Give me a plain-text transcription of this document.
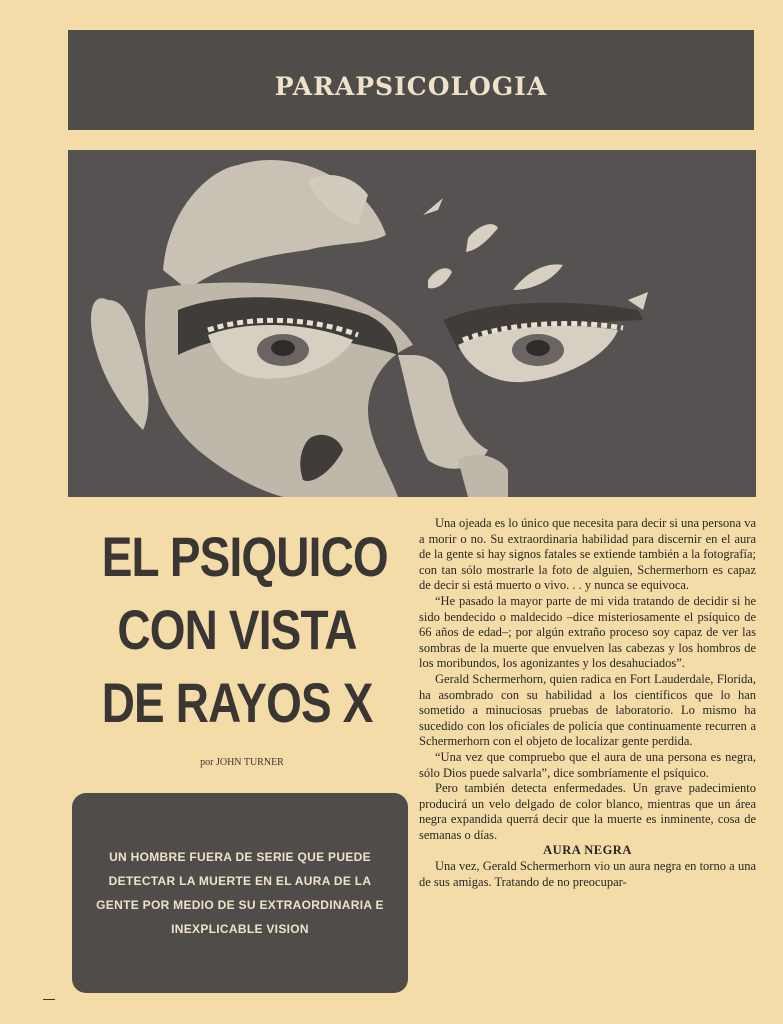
PARAPSICOLOGIA
EL PSIQUICO
CON VISTA
DE RAYOS X
por JOHN TURNER

UN HOMBRE FUERA DE SERIE QUE PUEDE DETECTAR LA MUERTE EN EL AURA DE LA GENTE POR MEDIO DE SU EXTRAORDINARIA E INEXPLICABLE VISION

Una ojeada es lo único que necesita para decir si una persona va a morir o no. Su extraordinaria habilidad para discernir en el aura de la gente si hay signos fatales se extiende también a la fotografía; con tan sólo mostrarle la foto de alguien, Schermerhorn es capaz de decir si está muerto o vivo. . . y nunca se equivoca.

“He pasado la mayor parte de mi vida tratando de decidir si he sido bendecido o maldecido –dice misteriosamente el psíquico de 66 años de edad–; por algún extraño proceso soy capaz de ver las sombras de la muerte que envuelven las cabezas y los hombros de los moribundos, los agonizantes y los desahuciados”.

Gerald Schermerhorn, quien radica en Fort Lauderdale, Florida, ha asombrado con su habilidad a los científicos que lo han sometido a minuciosas pruebas de laboratorio. Lo mismo ha sucedido con los oficiales de policía que continuamente recurren a Schermerhorn con el objeto de localizar gente perdida.

“Una vez que compruebo que el aura de una persona es negra, sólo Dios puede salvarla”, dice sombríamente el psíquico.

Pero también detecta enfermedades. Un grave padecimiento producirá un velo delgado de color blanco, mientras que un área negra expandida querrá decir que la muerte es inminente, cosa de semanas o días.

AURA NEGRA

Una vez, Gerald Schermerhorn vio un aura negra en torno a una de sus amigas. Tratando de no preocupar-
